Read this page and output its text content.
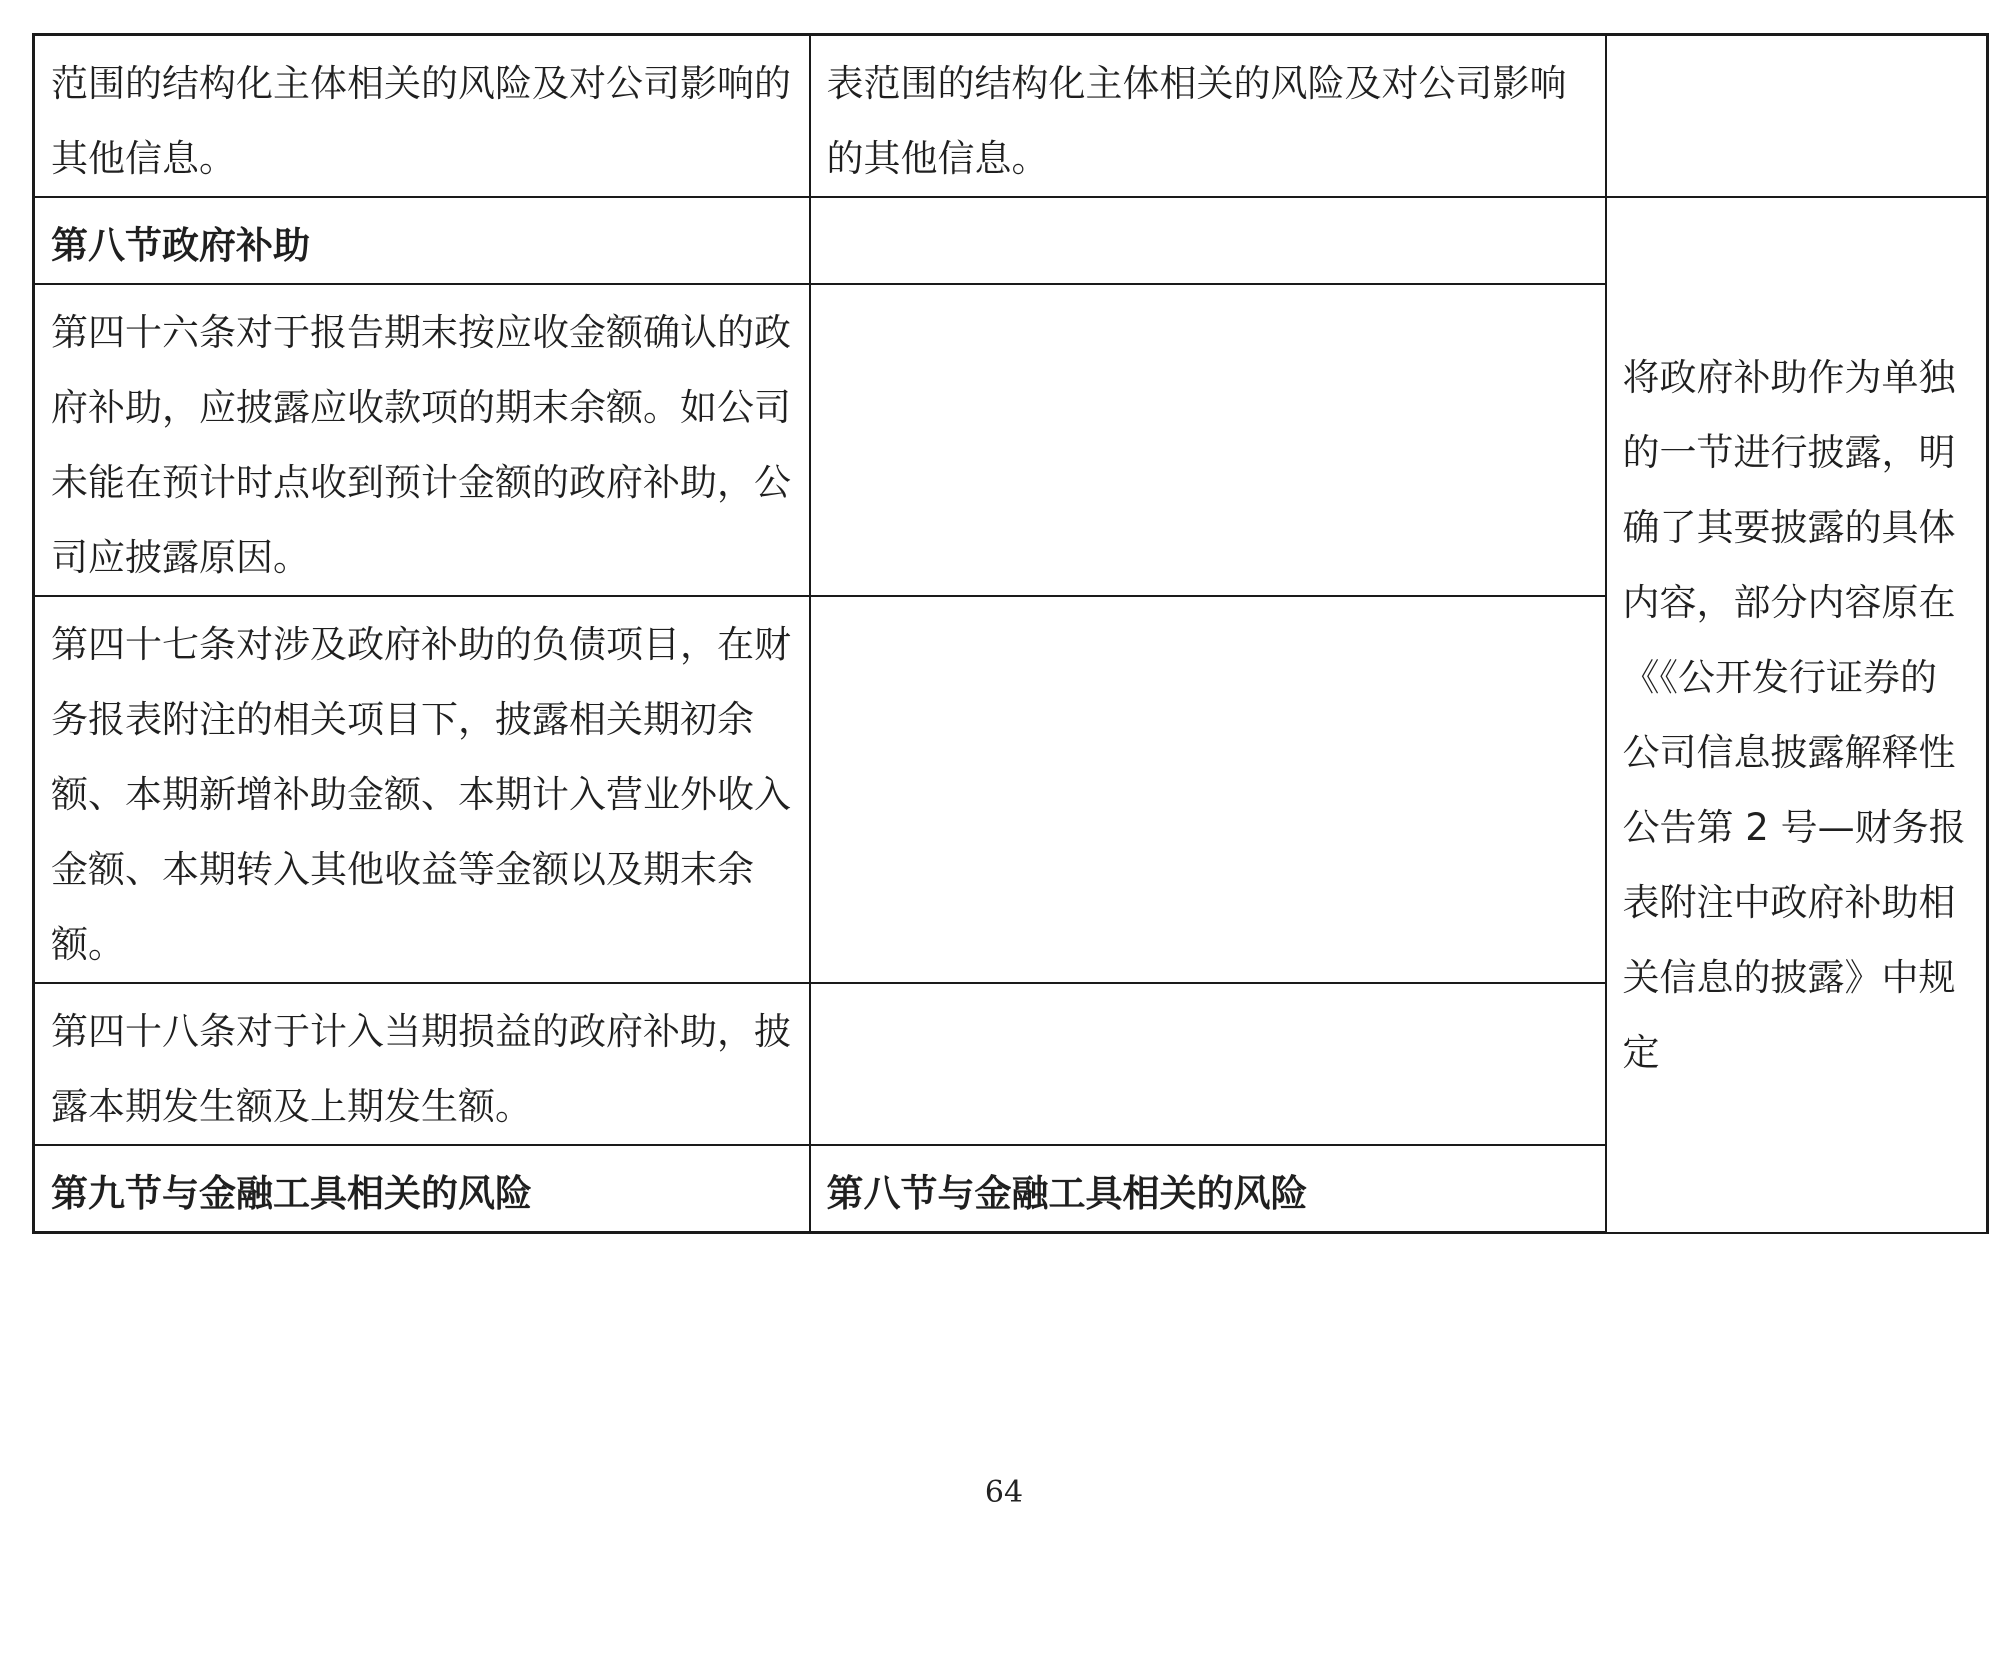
范围的结构化主体相关的风险及对公司影响的其他信息。	表范围的结构化主体相关的风险及对公司影响的其他信息。		
第八节政府补助		将政府补助作为单独的一节进行披露，明确了其要披露的具体内容，部分内容原在《《公开发行证券的公司信息披露解释性公告第 2 号—财务报表附注中政府补助相关信息的披露》中规定	
第四十六条对于报告期末按应收金额确认的政府补助，应披露应收款项的期末余额。如公司未能在预计时点收到预计金额的政府补助，公司应披露原因。			
第四十七条对涉及政府补助的负债项目，在财务报表附注的相关项目下，披露相关期初余额、本期新增补助金额、本期计入营业外收入金额、本期转入其他收益等金额以及期末余额。			
第四十八条对于计入当期损益的政府补助，披露本期发生额及上期发生额。			
第九节与金融工具相关的风险	第八节与金融工具相关的风险		
64
